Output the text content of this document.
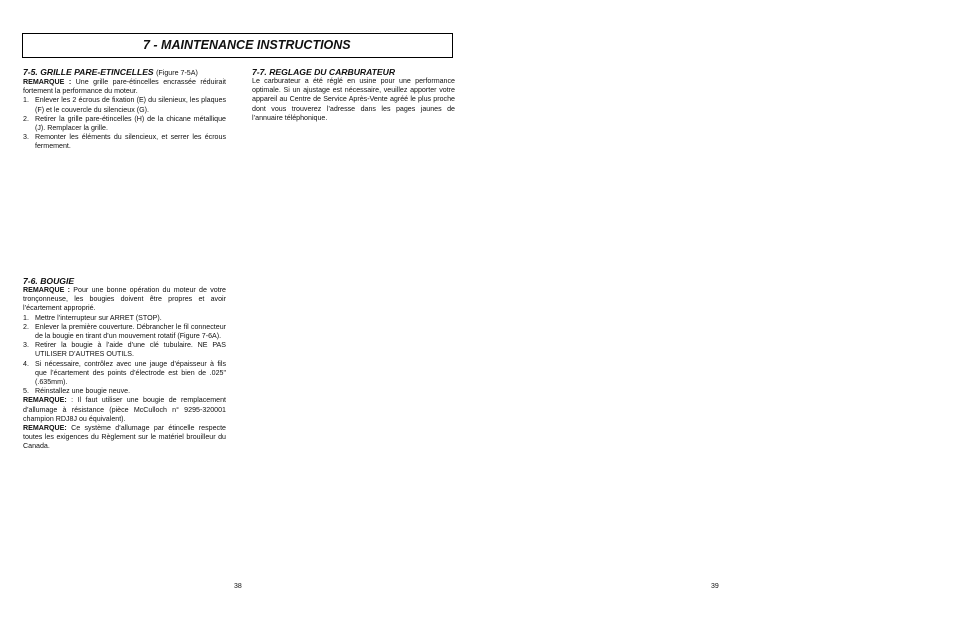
7 - MAINTENANCE INSTRUCTIONS
7-5. GRILLE PARE-ETINCELLES (Figure 7-5A)

REMARQUE : Une grille pare-étincelles encrassée réduirait fortement la performance du moteur.

1. Enlever les 2 écrous de fixation (E) du silenieux, les plaques (F) et le couvercle du silencieux (G).
2. Retirer la grille pare-étincelles (H) de la chicane métallique (J). Remplacer la grille.
3. Remonter les éléments du silencieux, et serrer les écrous fermement.
7-6. BOUGIE

REMARQUE : Pour une bonne opération du moteur de votre tronçonneuse, les bougies doivent être propres et avoir l’écartement approprié.

1. Mettre l’interrupteur sur ARRET (STOP).
2. Enlever la première couverture. Débrancher le fil connecteur de la bougie en tirant d’un mouvement rotatif (Figure 7-6A).
3. Retirer la bougie à l’aide d’une clé tubulaire. NE PAS UTILISER D’AUTRES OUTILS.
4. Si nécessaire, contrôlez avec une jauge d’épaisseur à fils que l’écartement des points d’électrode est bien de .025" (.635mm).
5. Réinstallez une bougie neuve.

REMARQUE: : Il faut utiliser une bougie de remplacement d’allumage à résistance (pièce McCulloch n° 9295-320001 champion RDJ8J ou équivalent).

REMARQUE: Ce système d’allumage par étincelle respecte toutes les exigences du Règlement sur le matériel brouilleur du Canada.

7-7. REGLAGE DU CARBURATEUR

Le carburateur a été réglé en usine pour une performance optimale. Si un ajustage est nécessaire, veuillez apporter votre appareil au Centre de Service Après-Vente agréé le plus proche dont vous trouverez l’adresse dans les pages jaunes de l’annuaire téléphonique.

38	39
